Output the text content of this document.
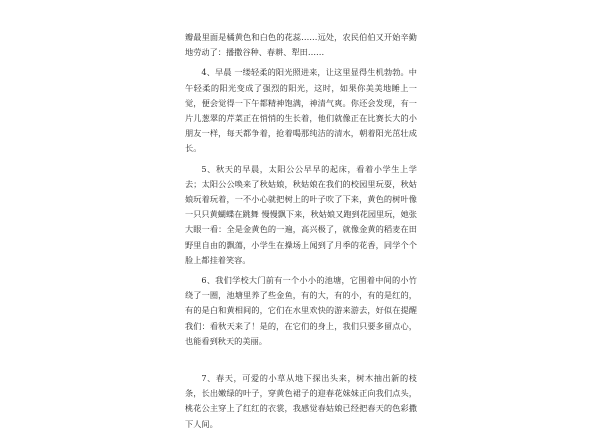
瓣最里面是橘黄色和白色的花蕊……远处，农民伯伯又开始辛勤地劳动了：播撒谷种、春耕、犁田……

4、早晨 一缕轻柔的阳光照进来，让这里显得生机勃勃。中午轻柔的阳光变成了强烈的阳光，这时，如果你美美地睡上一觉，便会觉得一下午都精神饱满，神清气爽。你还会发现，有一片儿葱翠的芹菜正在悄悄的生长着，他们就像正在比赛长大的小朋友一样，每天都争着，抢着喝那纯洁的清水，朝着阳光茁壮成长。

5、秋天的早晨，太阳公公早早的起床，看着小学生上学去；太阳公公唤来了秋姑娘，秋姑娘在我们的校园里玩耍，秋姑娘玩着玩着，一不小心就把树上的叶子吹了下来，黄色的树叶像一只只黄蝴蝶在跳舞 慢慢飘下来，秋姑娘又跑到花园里玩，她张大眼一看：全是金黄色的一遍，高兴极了，就像金黄的稻麦在田野里自由的飘蕩，小学生在操场上闻到了月季的花香，同学个个脸上都挂着笑容。

6、我们学校大门前有一个小小的池塘，它围着中间的小竹绕了一圈，池塘里养了些金鱼，有的大，有的小，有的是红的，有的是白和黄相间的，它们在水里欢快的游来游去，好似在提醒我们：看秋天来了！是的，在它们的身上，我们只要多留点心，也能看到秋天的美丽。

7、春天，可爱的小草从地下探出头来，树木抽出新的枝条，长出嫩绿的叶子，穿黄色裙子的迎春花妹妹正向我们点头，桃花公主穿上了红红的衣裳，我感觉春姑娘已经把春天的色彩撒下人间。
